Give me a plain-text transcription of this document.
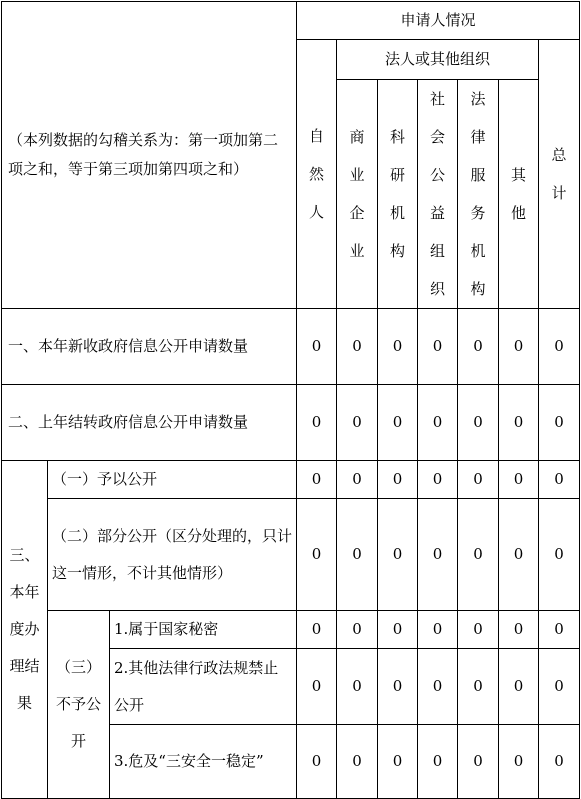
（本列数据的勾稽关系为：第一项加第二项之和，等于第三项加第四项之和）			申请人情况						
			自然人	法人或其他组织					总计
				商业企业	科研机构	社会公益组织	法律服务机构	其他	
一、本年新收政府信息公开申请数量			0	0	0	0	0	0	0
二、上年结转政府信息公开申请数量			0	0	0	0	0	0	0
三、本年度办理结果	（一）予以公开		0	0	0	0	0	0	0
	（二）部分公开（区分处理的，只计这一情形，不计其他情形）		0	0	0	0	0	0	0
	（三）不予公开	1.属于国家秘密	0	0	0	0	0	0	0
		2.其他法律行政法规禁止公开	0	0	0	0	0	0	0
		3.危及“三安全一稳定”	0	0	0	0	0	0	0
